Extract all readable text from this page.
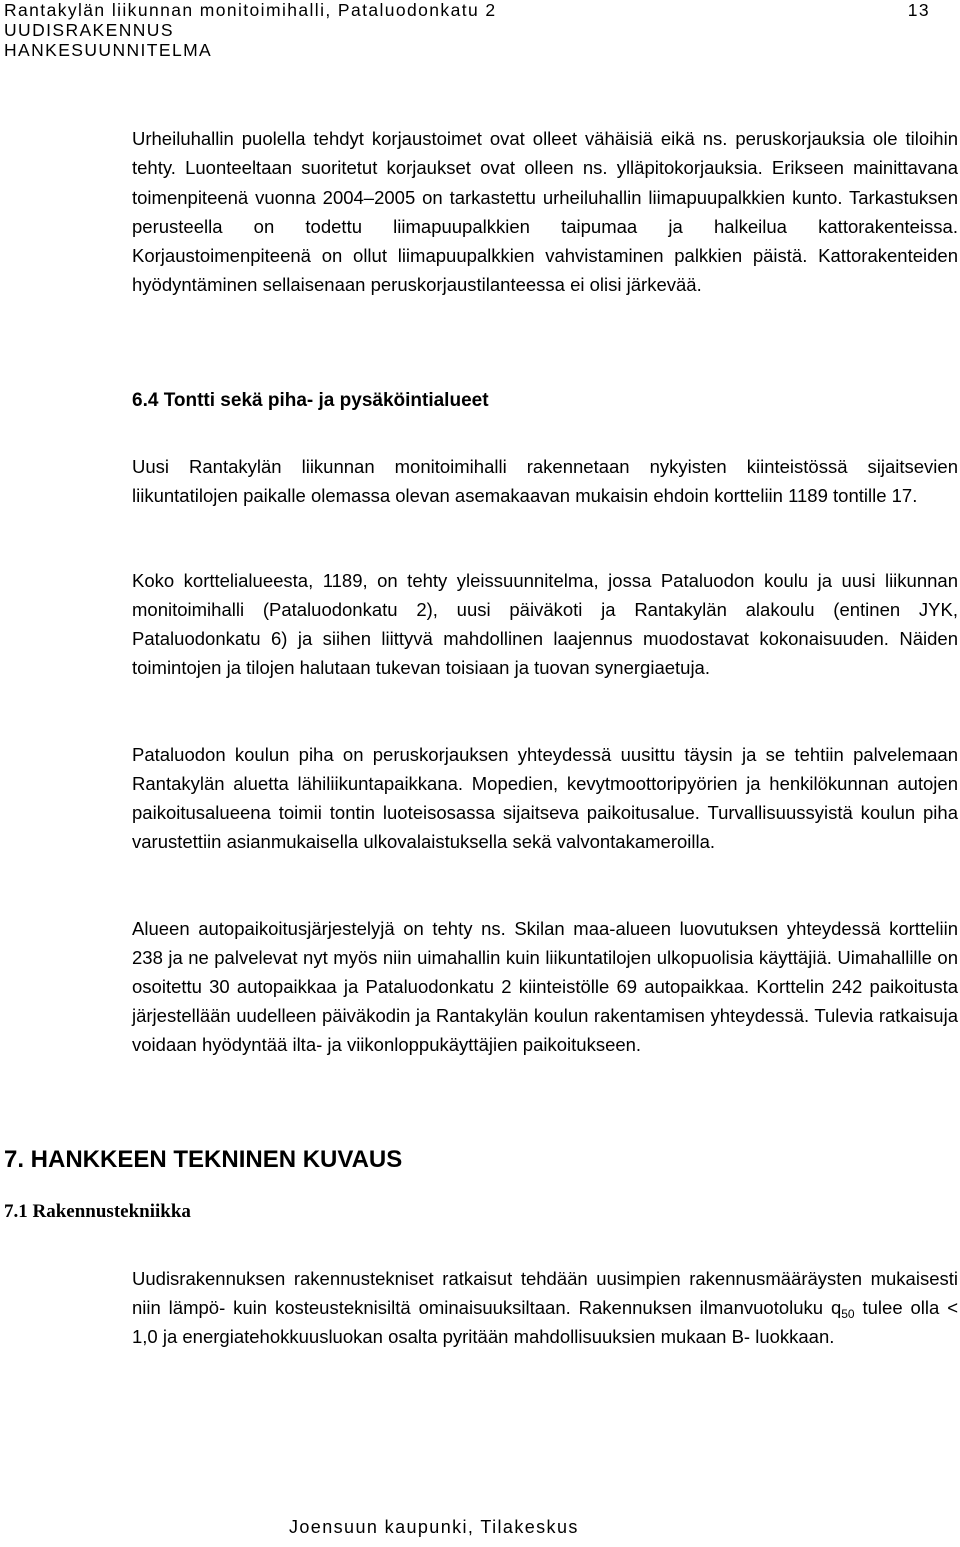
Rantakylän liikunnan monitoimihalli, Pataluodonkatu 2
UUDISRAKENNUS
HANKESUUNNITELMA
13

Urheiluhallin puolella tehdyt korjaustoimet ovat olleet vähäisiä eikä ns. peruskorjauksia ole tiloihin tehty. Luonteeltaan suoritetut korjaukset ovat olleen ns. ylläpitokorjauksia. Erikseen mainittavana toimenpiteenä vuonna 2004–2005 on tarkastettu urheiluhallin liimapuupalkkien kunto. Tarkastuksen perusteella on todettu liimapuupalkkien taipumaa ja halkeilua kattorakenteissa. Korjaustoimenpiteenä on ollut liimapuupalkkien vahvistaminen palkkien päistä. Kattorakenteiden hyödyntäminen sellaisenaan peruskorjaustilanteessa ei olisi järkevää.

6.4 Tontti sekä piha- ja pysäköintialueet

Uusi Rantakylän liikunnan monitoimihalli rakennetaan nykyisten kiinteistössä sijaitsevien liikuntatilojen paikalle olemassa olevan asemakaavan mukaisin ehdoin kortteliin 1189 tontille 17.

Koko korttelialueesta, 1189, on tehty yleissuunnitelma, jossa Pataluodon koulu ja uusi liikunnan monitoimihalli (Pataluodonkatu 2), uusi päiväkoti ja Rantakylän alakoulu (entinen JYK, Pataluodonkatu 6) ja siihen liittyvä mahdollinen laajennus muodostavat kokonaisuuden. Näiden toimintojen ja tilojen halutaan tukevan toisiaan ja tuovan synergiaetuja.

Pataluodon koulun piha on peruskorjauksen yhteydessä uusittu täysin ja se tehtiin palvelemaan Rantakylän aluetta lähiliikuntapaikkana. Mopedien, kevytmoottoripyörien ja henkilökunnan autojen paikoitusalueena toimii tontin luoteisosassa sijaitseva paikoitusalue. Turvallisuussyistä koulun piha varustettiin asianmukaisella ulkovalaistuksella sekä valvontakameroilla.

Alueen autopaikoitusjärjestelyjä on tehty ns. Skilan maa-alueen luovutuksen yhteydessä kortteliin 238 ja ne palvelevat nyt myös niin uimahallin kuin liikuntatilojen ulkopuolisia käyttäjiä. Uimahallille on osoitettu 30 autopaikkaa ja Pataluodonkatu 2 kiinteistölle 69 autopaikkaa. Korttelin 242 paikoitusta järjestellään uudelleen päiväkodin ja Rantakylän koulun rakentamisen yhteydessä. Tulevia ratkaisuja voidaan hyödyntää ilta- ja viikonloppukäyttäjien paikoitukseen.

7. HANKKEEN TEKNINEN KUVAUS
7.1 Rakennustekniikka

Uudisrakennuksen rakennustekniset ratkaisut tehdään uusimpien rakennusmääräysten mukaisesti niin lämpö- kuin kosteusteknisiltä ominaisuuksiltaan. Rakennuksen ilmanvuotoluku $q_{50}$ tulee olla < 1,0 ja energiatehokkuusluokan osalta pyritään mahdollisuuksien mukaan B- luokkaan.

Joensuun kaupunki, Tilakeskus
